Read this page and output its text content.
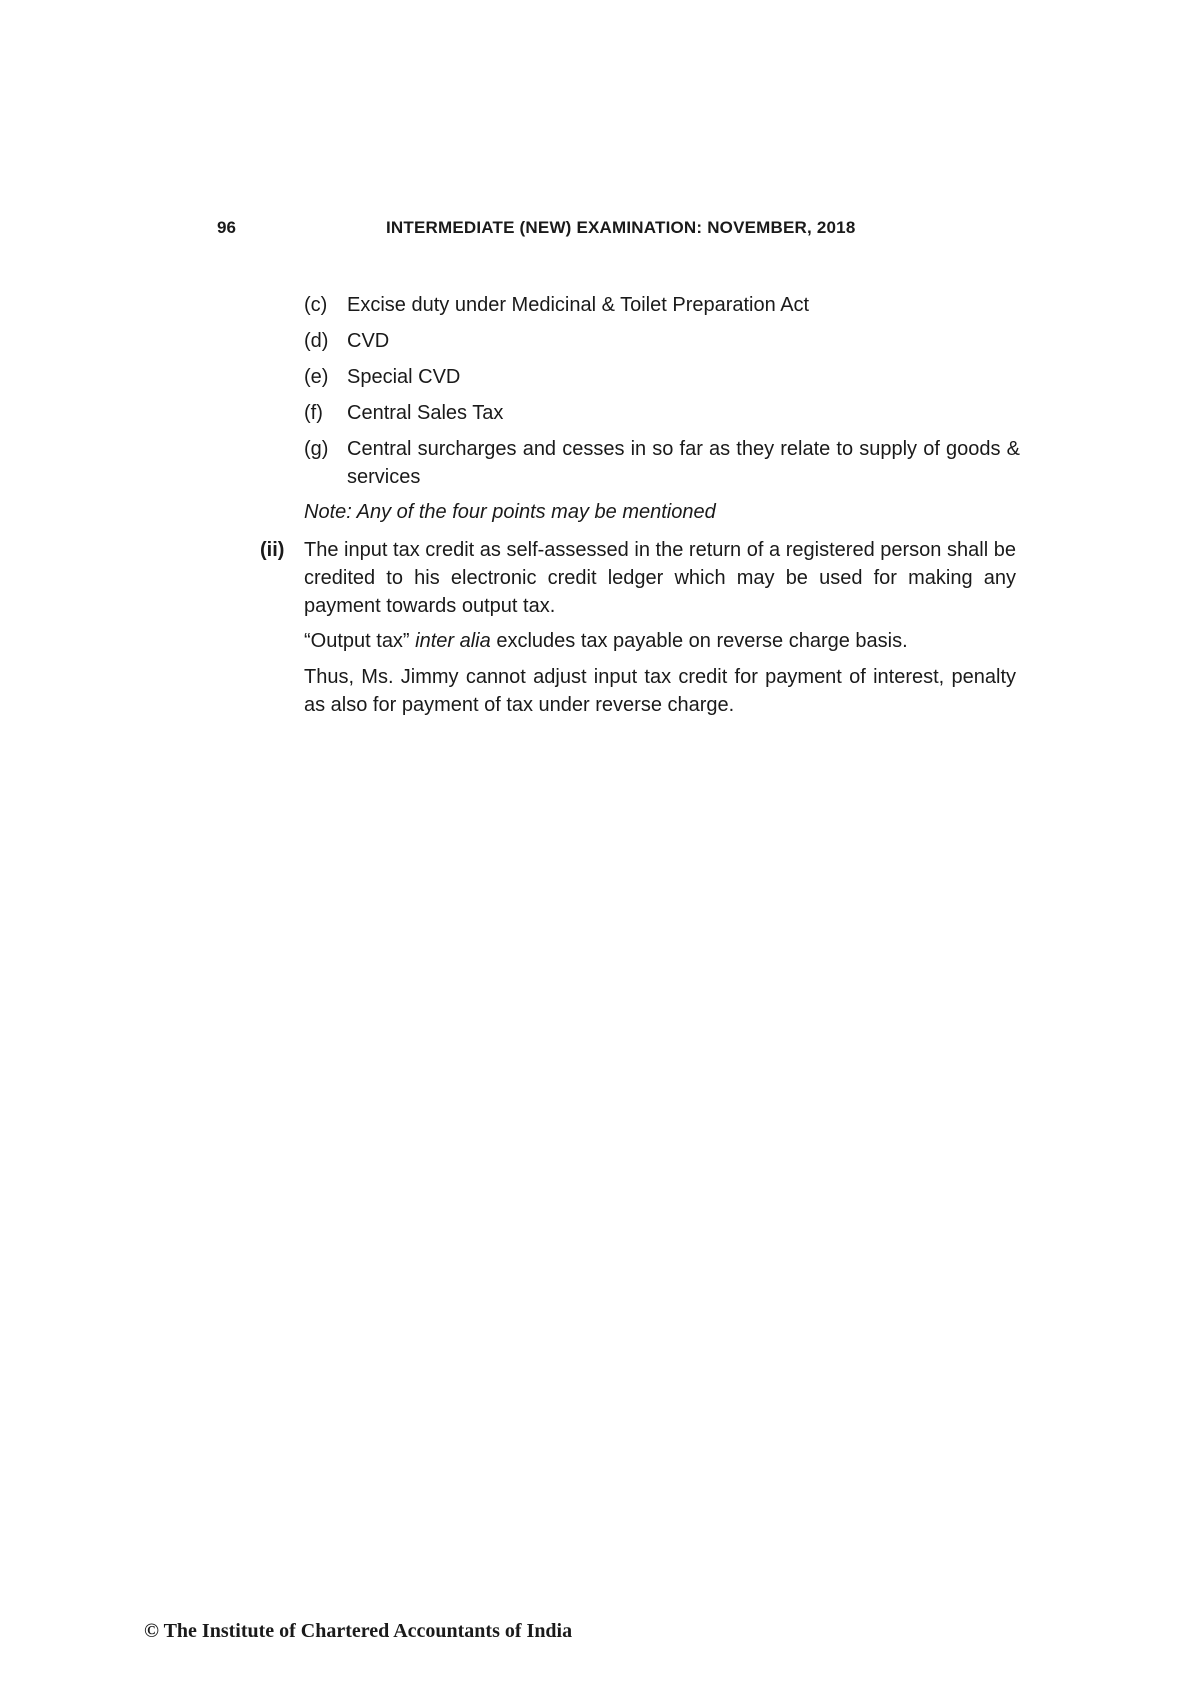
96	INTERMEDIATE (NEW) EXAMINATION: NOVEMBER, 2018
(c) Excise duty under Medicinal & Toilet Preparation Act
(d) CVD
(e) Special CVD
(f) Central Sales Tax
(g) Central surcharges and cesses in so far as they relate to supply of goods & services
Note: Any of the four points may be mentioned
(ii) The input tax credit as self-assessed in the return of a registered person shall be credited to his electronic credit ledger which may be used for making any payment towards output tax.
“Output tax” inter alia excludes tax payable on reverse charge basis.
Thus, Ms. Jimmy cannot adjust input tax credit for payment of interest, penalty as also for payment of tax under reverse charge.
© The Institute of Chartered Accountants of India
